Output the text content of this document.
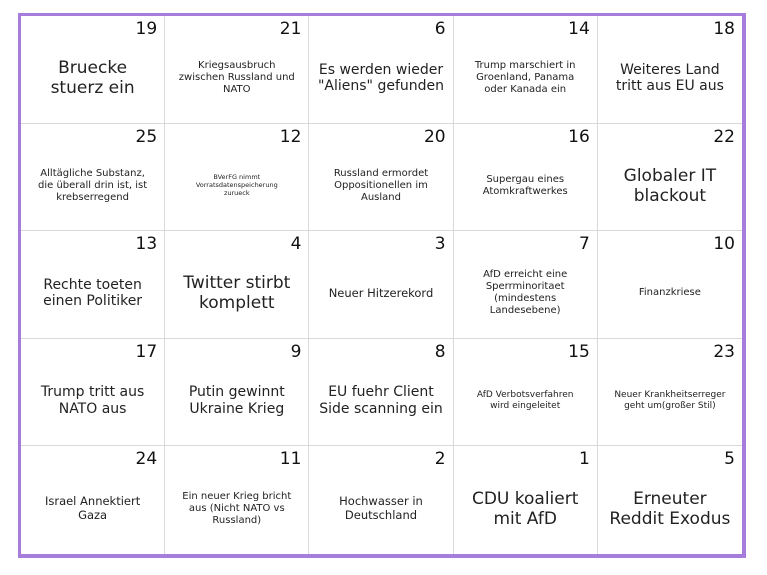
19
Bruecke
stuerz ein
21
Kriegsausbruch
zwischen Russland und
NATO
6
Es werden wieder
"Aliens" gefunden
14
Trump marschiert in
Groenland, Panama
oder Kanada ein
18
Weiteres Land
tritt aus EU aus
25
Alltägliche Substanz,
die überall drin ist, ist
krebserregend
12
BVerFG nimmt
Vorratsdatenspeicherung
zurueck
20
Russland ermordet
Oppositionellen im
Ausland
16
Supergau eines
Atomkraftwerkes
22
Globaler IT
blackout
13
Rechte toeten
einen Politiker
4
Twitter stirbt
komplett
3
Neuer Hitzerekord
7
AfD erreicht eine
Sperrminoritaet
(mindestens
Landesebene)
10
Finanzkriese
17
Trump tritt aus
NATO aus
9
Putin gewinnt
Ukraine Krieg
8
EU fuehr Client
Side scanning ein
15
AfD Verbotsverfahren
wird eingeleitet
23
Neuer Krankheitserreger
geht um(großer Stil)
24
Israel Annektiert
Gaza
11
Ein neuer Krieg bricht
aus (Nicht NATO vs
Russland)
2
Hochwasser in
Deutschland
1
CDU koaliert
mit AfD
5
Erneuter
Reddit Exodus
